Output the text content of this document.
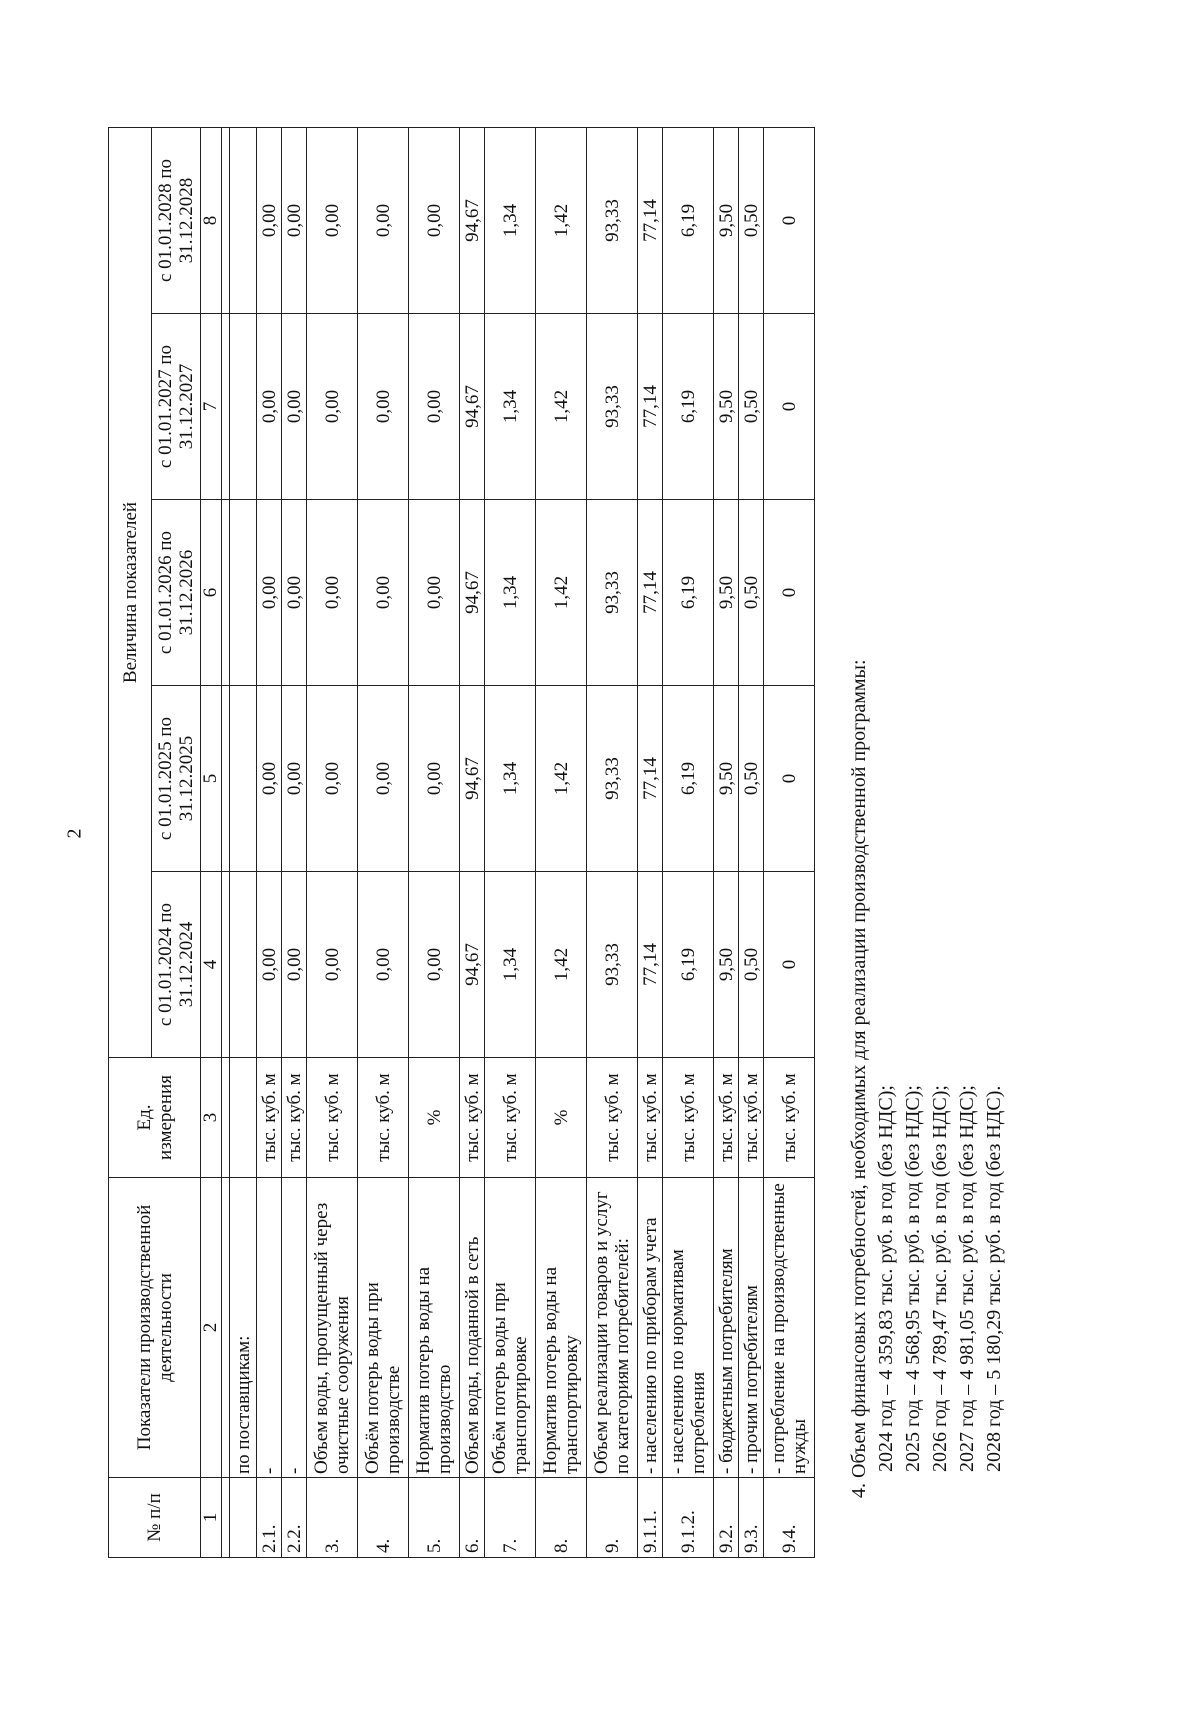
2
№ п/п	Показатели производственной деятельности	Ед. измерения	Величина показателей				
			с 01.01.2024 по 31.12.2024	с 01.01.2025 по 31.12.2025	с 01.01.2026 по 31.12.2026	с 01.01.2027 по 31.12.2027	с 01.01.2028 по 31.12.2028
1	2	3	4	5	6	7	8

	по поставщикам:						
2.1.	-	тыс. куб. м	0,00	0,00	0,00	0,00	0,00
2.2.	-	тыс. куб. м	0,00	0,00	0,00	0,00	0,00
3.	Объем воды, пропущенный через очистные сооружения	тыс. куб. м	0,00	0,00	0,00	0,00	0,00
4.	Объём потерь воды при производстве	тыс. куб. м	0,00	0,00	0,00	0,00	0,00
5.	Норматив потерь воды на производство	%	0,00	0,00	0,00	0,00	0,00
6.	Объем воды, поданной в сеть	тыс. куб. м	94,67	94,67	94,67	94,67	94,67
7.	Объём потерь воды при транспортировке	тыс. куб. м	1,34	1,34	1,34	1,34	1,34
8.	Норматив потерь воды на транспортировку	%	1,42	1,42	1,42	1,42	1,42
9.	Объем реализации товаров и услуг по категориям потребителей:	тыс. куб. м	93,33	93,33	93,33	93,33	93,33
9.1.1.	- населению по приборам учета	тыс. куб. м	77,14	77,14	77,14	77,14	77,14
9.1.2.	- населению по нормативам потребления	тыс. куб. м	6,19	6,19	6,19	6,19	6,19
9.2.	- бюджетным потребителям	тыс. куб. м	9,50	9,50	9,50	9,50	9,50
9.3.	- прочим потребителям	тыс. куб. м	0,50	0,50	0,50	0,50	0,50
9.4.	- потребление на производственные нужды	тыс. куб. м	0	0	0	0	0

4. Объем финансовых потребностей, необходимых для реализации производственной программы: 2024 год – 4 359,83 тыс. руб. в год (без НДС); 2025 год – 4 568,95 тыс. руб. в год (без НДС); 2026 год – 4 789,47 тыс. руб. в год (без НДС); 2027 год – 4 981,05 тыс. руб. в год (без НДС); 2028 год – 5 180,29 тыс. руб. в год (без НДС).
